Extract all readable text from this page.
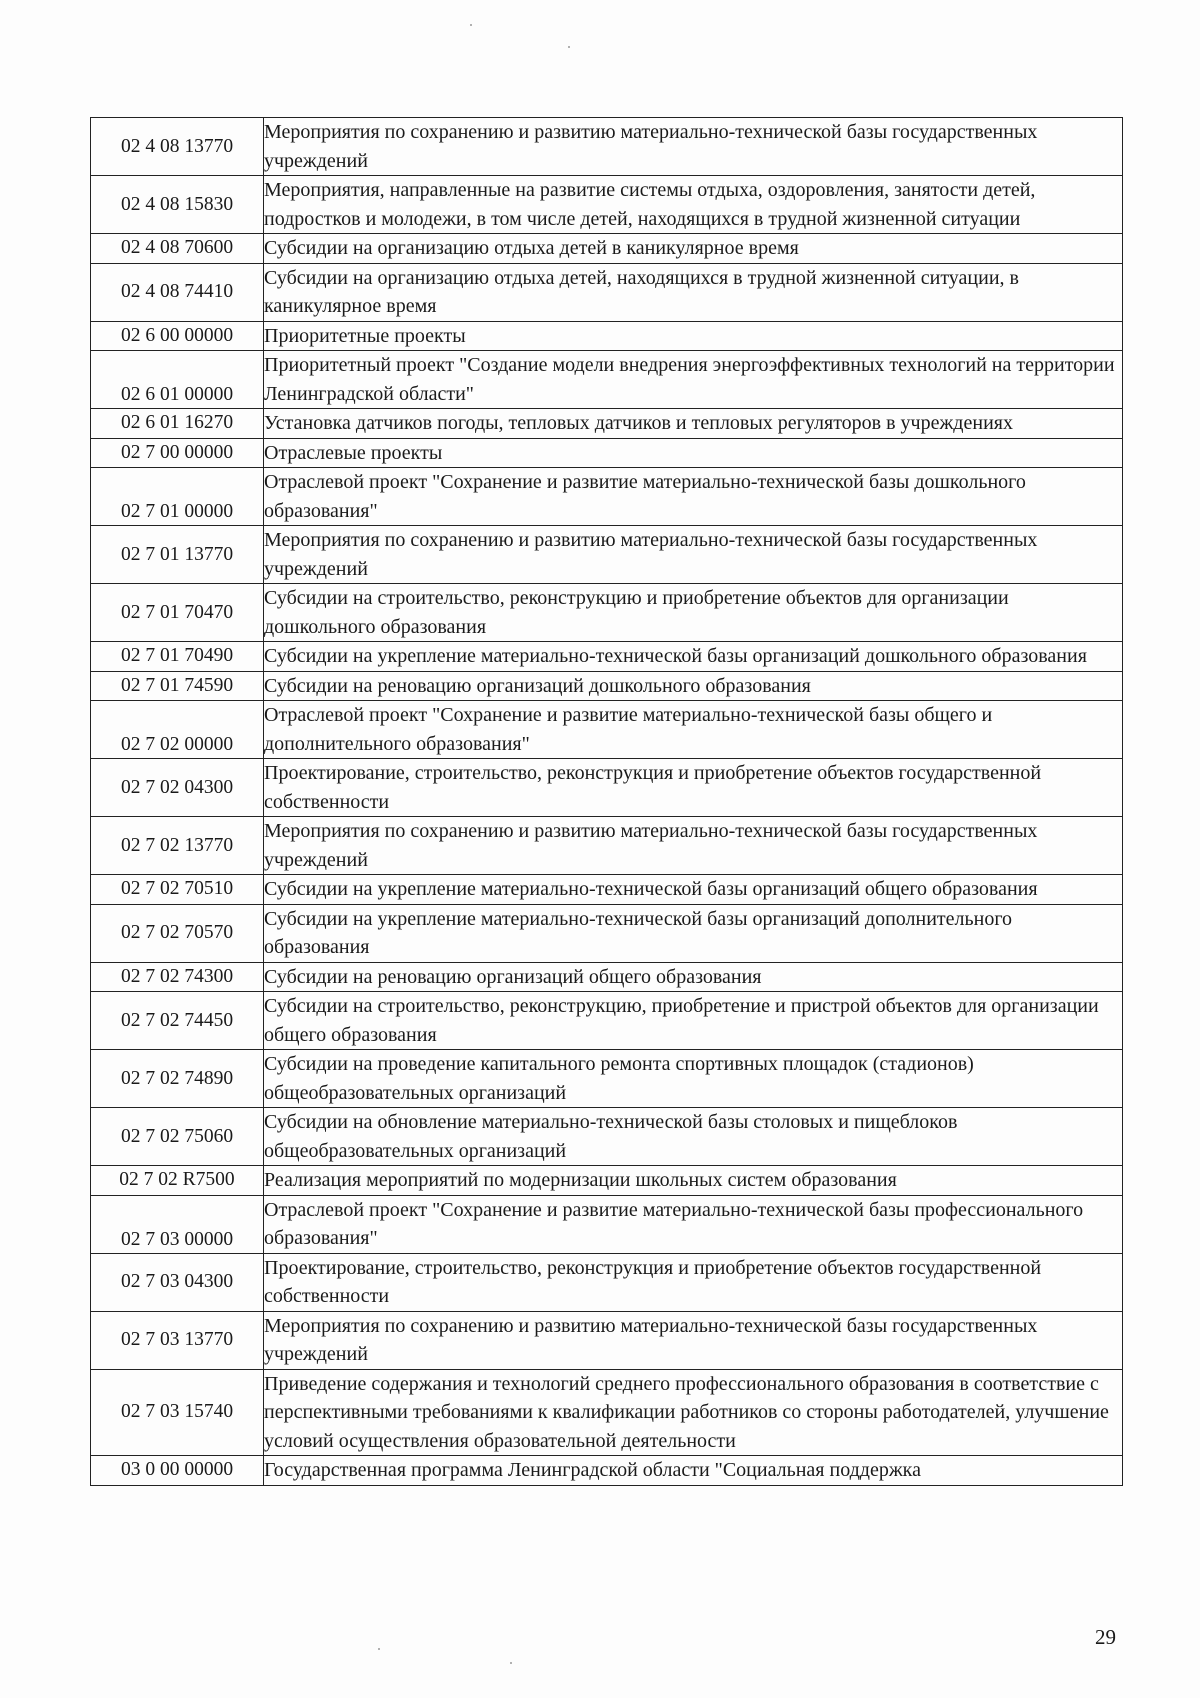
02 4 08 13770	Мероприятия по сохранению и развитию материально-технической базы государственных учреждений
02 4 08 15830	Мероприятия, направленные на развитие системы отдыха, оздоровления, занятости детей, подростков и молодежи, в том числе детей, находящихся в трудной жизненной ситуации
02 4 08 70600	Субсидии на организацию отдыха детей в каникулярное время
02 4 08 74410	Субсидии на организацию отдыха детей, находящихся в трудной жизненной ситуации, в каникулярное время
02 6 00 00000	Приоритетные проекты
02 6 01 00000	Приоритетный проект "Создание модели внедрения энергоэффективных технологий на территории Ленинградской области"
02 6 01 16270	Установка датчиков погоды, тепловых датчиков и тепловых регуляторов в учреждениях
02 7 00 00000	Отраслевые проекты
02 7 01 00000	Отраслевой проект "Сохранение и развитие материально-технической базы дошкольного образования"
02 7 01 13770	Мероприятия по сохранению и развитию материально-технической базы государственных учреждений
02 7 01 70470	Субсидии на строительство, реконструкцию и приобретение объектов для организации дошкольного образования
02 7 01 70490	Субсидии на укрепление материально-технической базы организаций дошкольного образования
02 7 01 74590	Субсидии на реновацию организаций дошкольного образования
02 7 02 00000	Отраслевой проект "Сохранение и развитие материально-технической базы общего и дополнительного образования"
02 7 02 04300	Проектирование, строительство, реконструкция и приобретение объектов государственной собственности
02 7 02 13770	Мероприятия по сохранению и развитию материально-технической базы государственных учреждений
02 7 02 70510	Субсидии на укрепление материально-технической базы организаций общего образования
02 7 02 70570	Субсидии на укрепление материально-технической базы организаций дополнительного образования
02 7 02 74300	Субсидии на реновацию организаций общего образования
02 7 02 74450	Субсидии на строительство, реконструкцию, приобретение и пристрой объектов для организации общего образования
02 7 02 74890	Субсидии на проведение капитального ремонта спортивных площадок (стадионов) общеобразовательных организаций
02 7 02 75060	Субсидии на обновление материально-технической базы столовых и пищеблоков общеобразовательных организаций
02 7 02 R7500	Реализация мероприятий по модернизации школьных систем образования
02 7 03 00000	Отраслевой проект "Сохранение и развитие материально-технической базы профессионального образования"
02 7 03 04300	Проектирование, строительство, реконструкция и приобретение объектов государственной собственности
02 7 03 13770	Мероприятия по сохранению и развитию материально-технической базы государственных учреждений
02 7 03 15740	Приведение содержания и технологий среднего профессионального образования в соответствие с перспективными требованиями к квалификации работников со стороны работодателей, улучшение условий осуществления образовательной деятельности
03 0 00 00000	Государственная программа Ленинградской области "Социальная поддержка
29
